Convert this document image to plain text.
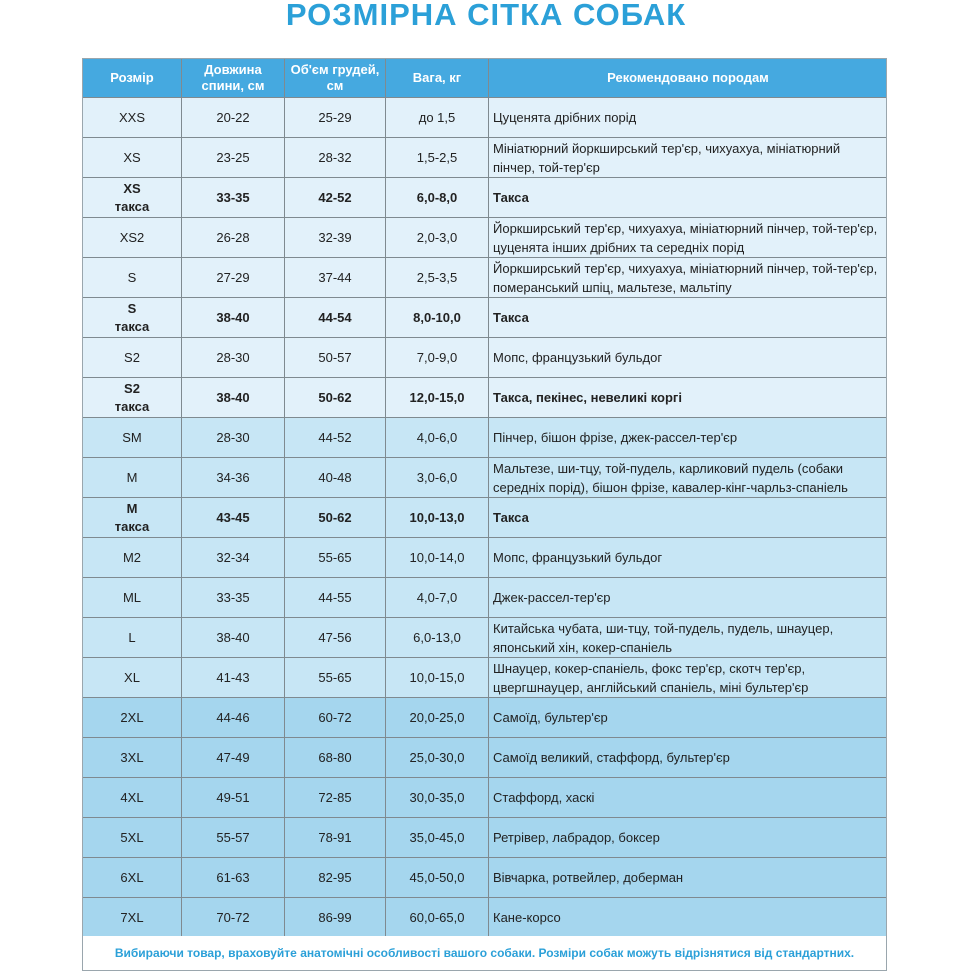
РОЗМІРНА СІТКА СОБАК
Розмір	Довжина спини, см	Об'єм грудей, см	Вага, кг	Рекомендовано породам

XXS	20-22	25-29	до 1,5	Цуценята дрібних порід

XS	23-25	28-32	1,5-2,5	Мініатюрний йоркширський тер'єр, чихуахуа, мініатюрний пінчер, той-тер'єр

XS
такса	33-35	42-52	6,0-8,0	Такса

XS2	26-28	32-39	2,0-3,0	Йоркширський тер'єр, чихуахуа, мініатюрний пінчер, той-тер'єр, цуценята інших дрібних та середніх порід

S	27-29	37-44	2,5-3,5	Йоркширський тер'єр, чихуахуа, мініатюрний пінчер, той-тер'єр, померанський шпіц, мальтезе, мальтіпу

S
такса	38-40	44-54	8,0-10,0	Такса

S2	28-30	50-57	7,0-9,0	Мопс, французький бульдог

S2
такса	38-40	50-62	12,0-15,0	Такса, пекінес, невеликі коргі

SM	28-30	44-52	4,0-6,0	Пінчер, бішон фрізе, джек-рассел-тер'єр

M	34-36	40-48	3,0-6,0	Мальтезе, ши-тцу, той-пудель, карликовий пудель (собаки середніх порід), бішон фрізе, кавалер-кінг-чарльз-спаніель

M
такса	43-45	50-62	10,0-13,0	Такса

M2	32-34	55-65	10,0-14,0	Мопс, французький бульдог

ML	33-35	44-55	4,0-7,0	Джек-рассел-тер'єр

L	38-40	47-56	6,0-13,0	Китайська чубата, ши-тцу, той-пудель, пудель, шнауцер, японський хін, кокер-спаніель

XL	41-43	55-65	10,0-15,0	Шнауцер, кокер-спаніель, фокс тер'єр, скотч тер'єр, цвергшнауцер, англійський спаніель, міні бультер'єр

2XL	44-46	60-72	20,0-25,0	Самоїд, бультер'єр

3XL	47-49	68-80	25,0-30,0	Самоїд великий, стаффорд, бультер'єр

4XL	49-51	72-85	30,0-35,0	Стаффорд, хаскі

5XL	55-57	78-91	35,0-45,0	Ретрівер, лабрадор, боксер

6XL	61-63	82-95	45,0-50,0	Вівчарка, ротвейлер, доберман

7XL	70-72	86-99	60,0-65,0	Кане-корсо
Вибираючи товар, враховуйте анатомічні особливості вашого собаки. Розміри собак можуть відрізнятися від стандартних.
